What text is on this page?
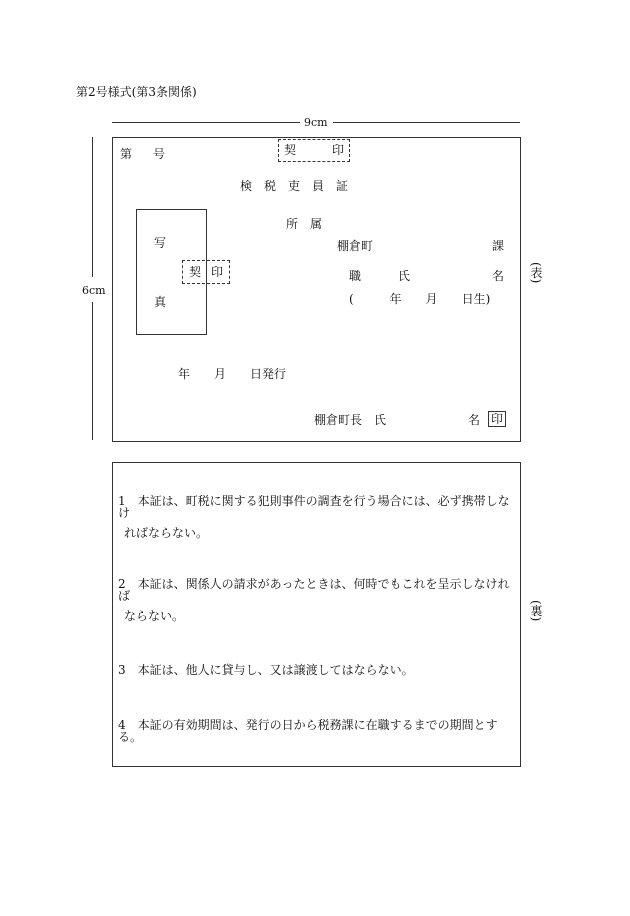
第2号様式(第3条関係)
9cm
6cm
第 号	契	印
検　税　吏　員　証
写
真
契 印
所　属
棚倉町	課
職	氏	名
(　　　年　　月　　日生)
年　　月　　日発行
棚倉町長　氏	名 印
(表)
1　本証は、町税に関する犯則事件の調査を行う場合には、必ず携帯しなけ
ればならない。
2　本証は、関係人の請求があったときは、何時でもこれを呈示しなければ
ならない。
3　本証は、他人に貸与し、又は譲渡してはならない。
4　本証の有効期間は、発行の日から税務課に在職するまでの期間とする。
(裏)
